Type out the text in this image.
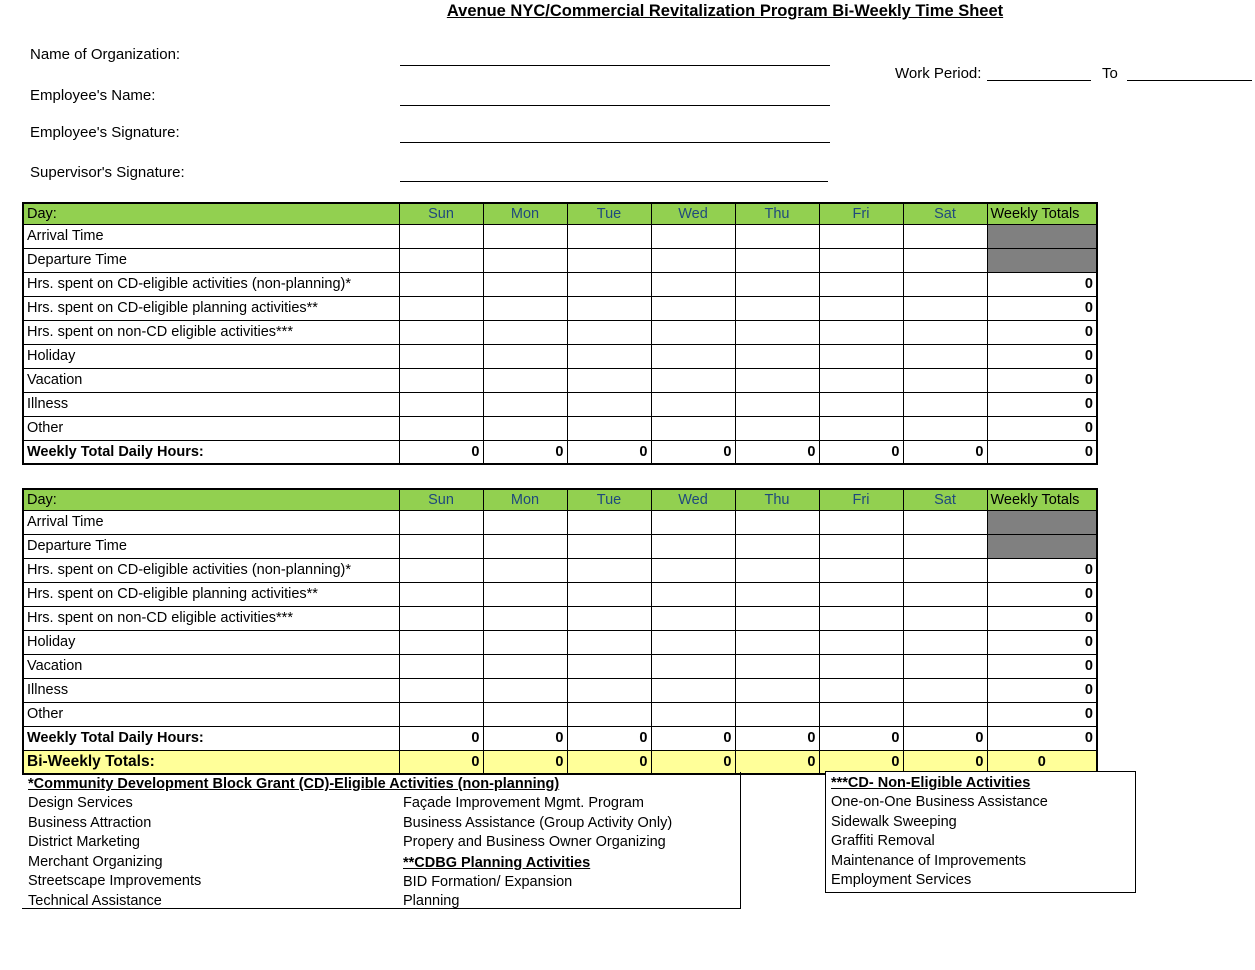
Avenue NYC/Commercial Revitalization Program Bi-Weekly Time Sheet
Name of Organization:
Work Period:	To
Employee's Name:
Employee's Signature:
Supervisor's Signature:
Day:	Sun	Mon	Tue	Wed	Thu	Fri	Sat	Weekly Totals
Arrival Time								
Departure Time								
Hrs. spent on CD-eligible activities (non-planning)*								0
Hrs. spent on CD-eligible planning activities**								0
Hrs. spent on non-CD eligible activities***								0
Holiday								0
Vacation								0
Illness								0
Other								0
Weekly Total Daily Hours:	0	0	0	0	0	0	0	0
Day:	Sun	Mon	Tue	Wed	Thu	Fri	Sat	Weekly Totals
Arrival Time								
Departure Time								
Hrs. spent on CD-eligible activities (non-planning)*								0
Hrs. spent on CD-eligible planning activities**								0
Hrs. spent on non-CD eligible activities***								0
Holiday								0
Vacation								0
Illness								0
Other								0
Weekly Total Daily Hours:	0	0	0	0	0	0	0	0
Bi-Weekly Totals:	0	0	0	0	0	0	0	0
*Community Development Block Grant (CD)-Eligible Activities (non-planning)
Design Services
Business Attraction
District Marketing
Merchant Organizing
Streetscape Improvements
Technical Assistance
Façade Improvement Mgmt. Program
Business Assistance (Group Activity Only)
Propery and Business Owner Organizing
**CDBG Planning Activities
BID Formation/ Expansion
Planning
***CD- Non-Eligible Activities
One-on-One Business Assistance
Sidewalk Sweeping
Graffiti Removal
Maintenance of Improvements
Employment Services
